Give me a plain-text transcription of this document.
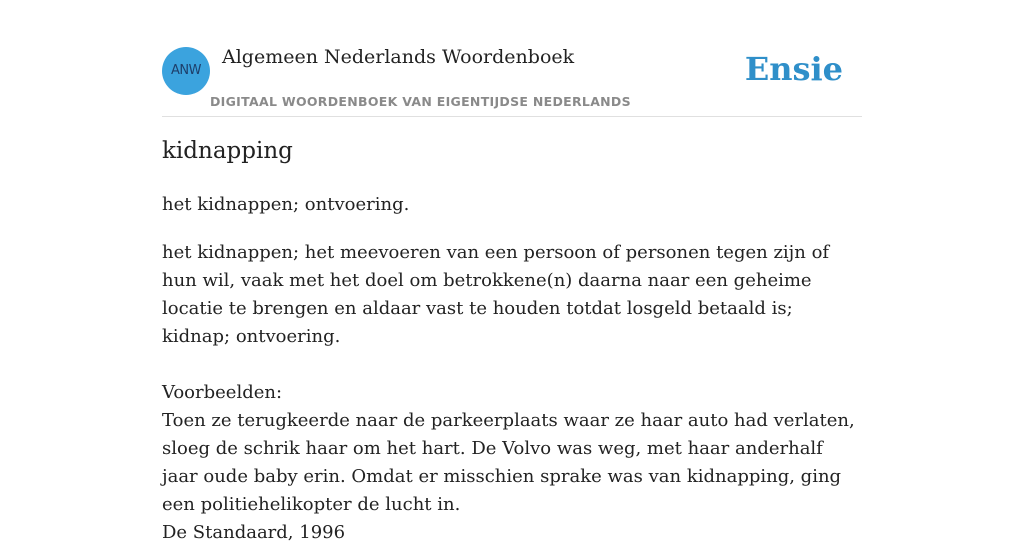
ANW
Algemeen Nederlands Woordenboek
DIGITAAL WOORDENBOEK VAN EIGENTIJDSE NEDERLANDS
Ensie
kidnapping
het kidnappen; ontvoering.

het kidnappen; het meevoeren van een persoon of personen tegen zijn of hun wil, vaak met het doel om betrokkene(n) daarna naar een geheime locatie te brengen en aldaar vast te houden totdat losgeld betaald is; kidnap; ontvoering.

Voorbeelden:

Toen ze terugkeerde naar de parkeerplaats waar ze haar auto had verlaten, sloeg de schrik haar om het hart. De Volvo was weg, met haar anderhalf jaar oude baby erin. Omdat er misschien sprake was van kidnapping, ging een politiehelikopter de lucht in.

De Standaard, 1996
